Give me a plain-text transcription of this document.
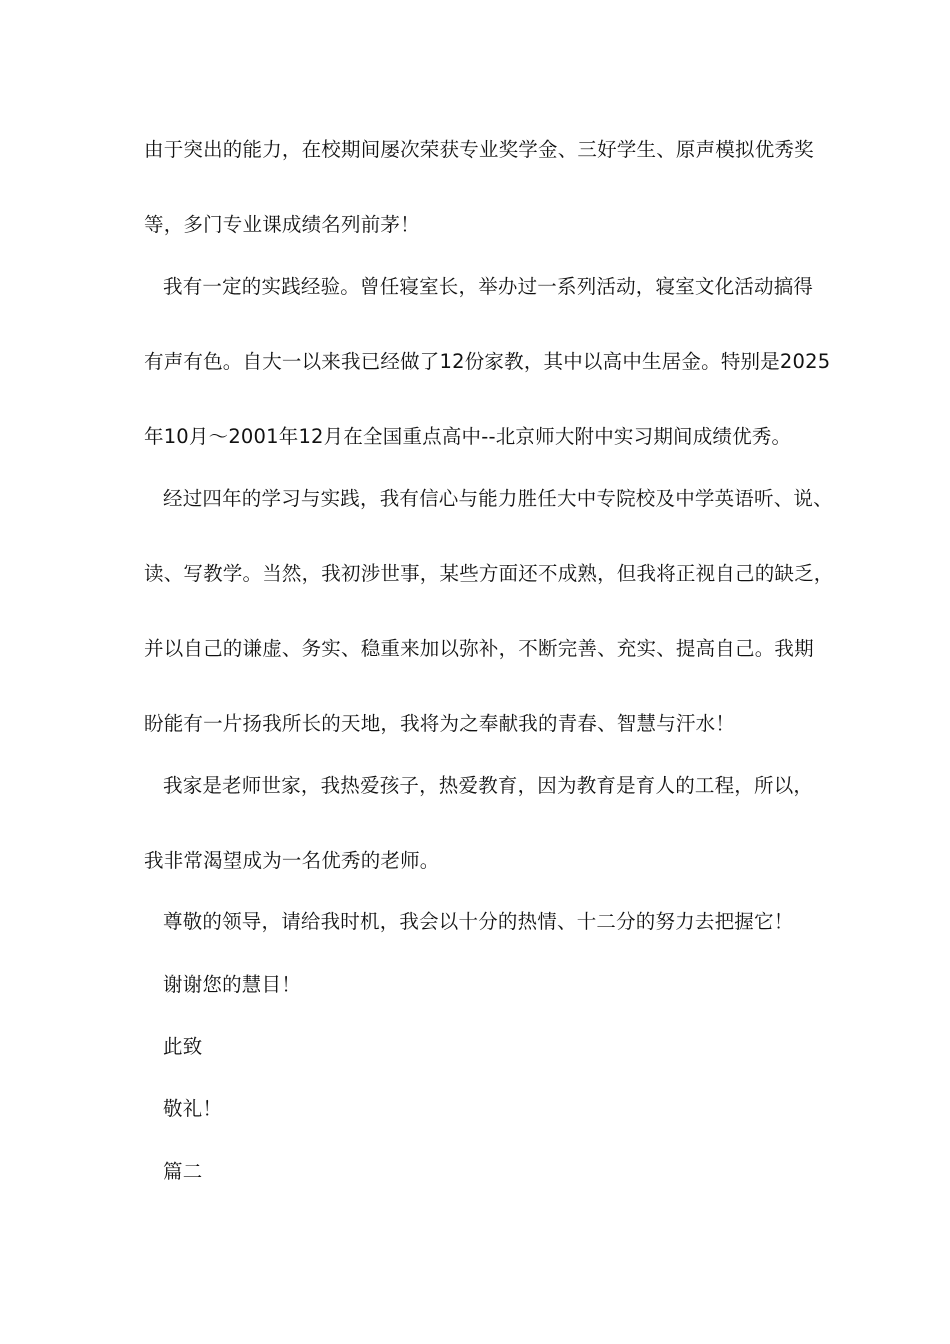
由于突出的能力，在校期间屡次荣获专业奖学金、三好学生、原声模拟优秀奖
等，多门专业课成绩名列前茅！
我有一定的实践经验。曾任寝室长，举办过一系列活动，寝室文化活动搞得
有声有色。自大一以来我已经做了12份家教，其中以高中生居金。特别是2025
年10月～2001年12月在全国重点高中--北京师大附中实习期间成绩优秀。
经过四年的学习与实践，我有信心与能力胜任大中专院校及中学英语听、说、
读、写教学。当然，我初涉世事，某些方面还不成熟，但我将正视自己的缺乏，
并以自己的谦虚、务实、稳重来加以弥补，不断完善、充实、提高自己。我期
盼能有一片扬我所长的天地，我将为之奉献我的青春、智慧与汗水！
我家是老师世家，我热爱孩子，热爱教育，因为教育是育人的工程，所以，
我非常渴望成为一名优秀的老师。
尊敬的领导，请给我时机，我会以十分的热情、十二分的努力去把握它！
谢谢您的慧目！
此致
敬礼！
篇二
